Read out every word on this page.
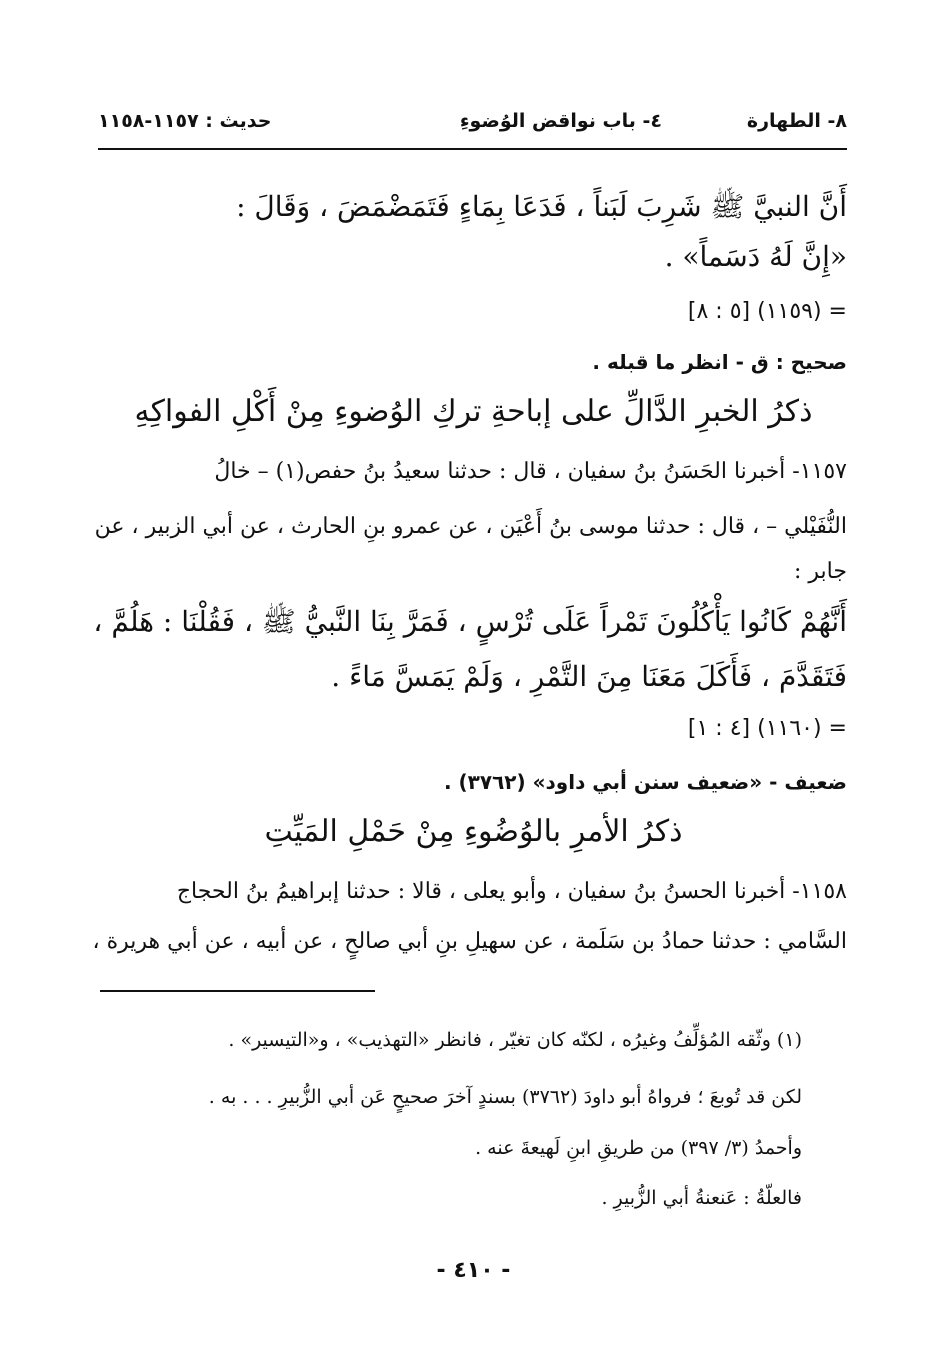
٨- الطهارة
٤- باب نواقض الوُضوءِ
حديث : ١١٥٧-١١٥٨
أَنَّ النبيَّ ﷺ شَرِبَ لَبَناً ، فَدَعَا بِمَاءٍ فَتَمَضْمَضَ ، وَقَالَ :
«إِنَّ لَهُ دَسَماً» .
= (١١٥٩) [٥ : ٨]
صحيح : ق - انظر ما قبله .
ذكرُ الخبرِ الدَّالِّ على إباحةِ تركِ الوُضوءِ مِنْ أَكْلِ الفواكِهِ
١١٥٧- أخبرنا الحَسَنُ بنُ سفيان ، قال : حدثنا سعيدُ بنُ حفص(١) – خالُ
النُّفَيْلي – ، قال : حدثنا موسى بنُ أَعْيَن ، عن عمرو بنِ الحارث ، عن أبي الزبير ، عن
جابر :
أَنَّهُمْ كَانُوا يَأْكُلُونَ تَمْراً عَلَى تُرْسٍ ، فَمَرَّ بِنَا النَّبيُّ ﷺ ، فَقُلْنَا : هَلُمَّ ،
فَتَقَدَّمَ ، فَأَكَلَ مَعَنَا مِنَ التَّمْرِ ، وَلَمْ يَمَسَّ مَاءً .
= (١١٦٠) [٤ : ١]
ضعيف - «ضعيف سنن أبي داود» (٣٧٦٢) .
ذكرُ الأمرِ بالوُضُوءِ مِنْ حَمْلِ المَيِّتِ
١١٥٨- أخبرنا الحسنُ بنُ سفيان ، وأبو يعلى ، قالا : حدثنا إبراهيمُ بنُ الحجاج
السَّامي : حدثنا حمادُ بن سَلَمة ، عن سهيلِ بنِ أبي صالحٍ ، عن أبيه ، عن أبي هريرة ،
(١) وثّقه المُؤلِّفُ وغيرُه ، لكنّه كان تغيّر ، فانظر «التهذيب» ، و«التيسير» .
لكن قد تُوبعَ ؛ فرواهُ أبو داودَ (٣٧٦٢) بسندٍ آخرَ صحيحٍ عَن أبي الزُّبيرِ . . . به .
وأحمدُ (٣/ ٣٩٧) من طريقِ ابنِ لَهيعةَ عنه .
فالعلّةُ : عَنعنةُ أبي الزُّبيرِ .
- ٤١٠ -
